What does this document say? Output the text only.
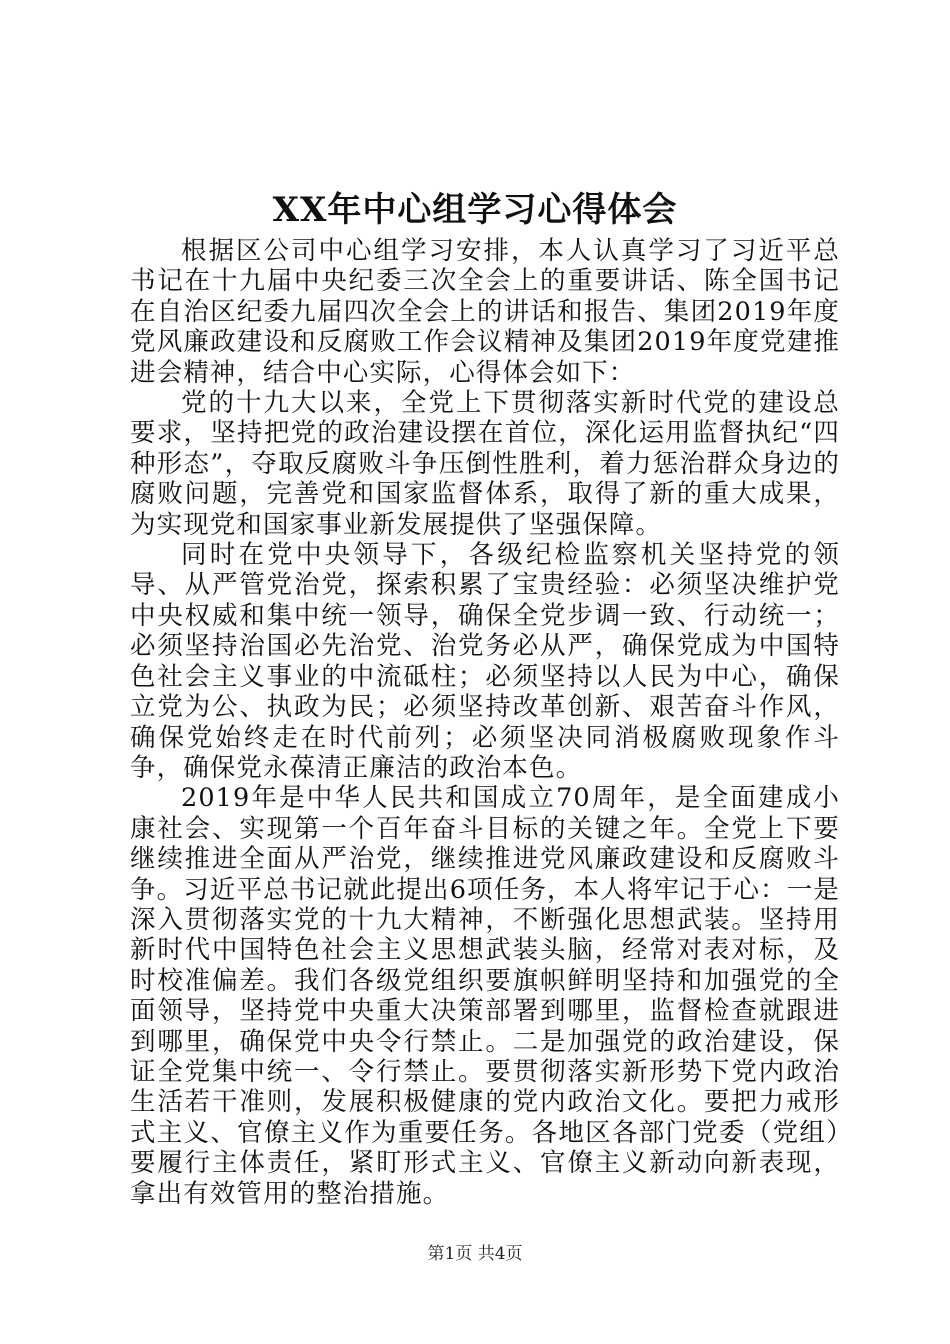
XX年中心组学习心得体会

根据区公司中心组学习安排，本人认真学习了习近平总书记在十九届中央纪委三次全会上的重要讲话、陈全国书记在自治区纪委九届四次全会上的讲话和报告、集团2019年度党风廉政建设和反腐败工作会议精神及集团2019年度党建推进会精神，结合中心实际，心得体会如下：

党的十九大以来，全党上下贯彻落实新时代党的建设总要求，坚持把党的政治建设摆在首位，深化运用监督执纪“四种形态”，夺取反腐败斗争压倒性胜利，着力惩治群众身边的腐败问题，完善党和国家监督体系，取得了新的重大成果，为实现党和国家事业新发展提供了坚强保障。

同时在党中央领导下，各级纪检监察机关坚持党的领导、从严管党治党，探索积累了宝贵经验：必须坚决维护党中央权威和集中统一领导，确保全党步调一致、行动统一；必须坚持治国必先治党、治党务必从严，确保党成为中国特色社会主义事业的中流砥柱；必须坚持以人民为中心，确保立党为公、执政为民；必须坚持改革创新、艰苦奋斗作风，确保党始终走在时代前列；必须坚决同消极腐败现象作斗争，确保党永葆清正廉洁的政治本色。

2019年是中华人民共和国成立70周年，是全面建成小康社会、实现第一个百年奋斗目标的关键之年。全党上下要继续推进全面从严治党，继续推进党风廉政建设和反腐败斗争。习近平总书记就此提出6项任务，本人将牢记于心：一是深入贯彻落实党的十九大精神，不断强化思想武装。坚持用新时代中国特色社会主义思想武装头脑，经常对表对标，及时校准偏差。我们各级党组织要旗帜鲜明坚持和加强党的全面领导，坚持党中央重大决策部署到哪里，监督检查就跟进到哪里，确保党中央令行禁止。二是加强党的政治建设，保证全党集中统一、令行禁止。要贯彻落实新形势下党内政治生活若干准则，发展积极健康的党内政治文化。要把力戒形式主义、官僚主义作为重要任务。各地区各部门党委（党组）要履行主体责任，紧盯形式主义、官僚主义新动向新表现，拿出有效管用的整治措施。

第1页 共4页
